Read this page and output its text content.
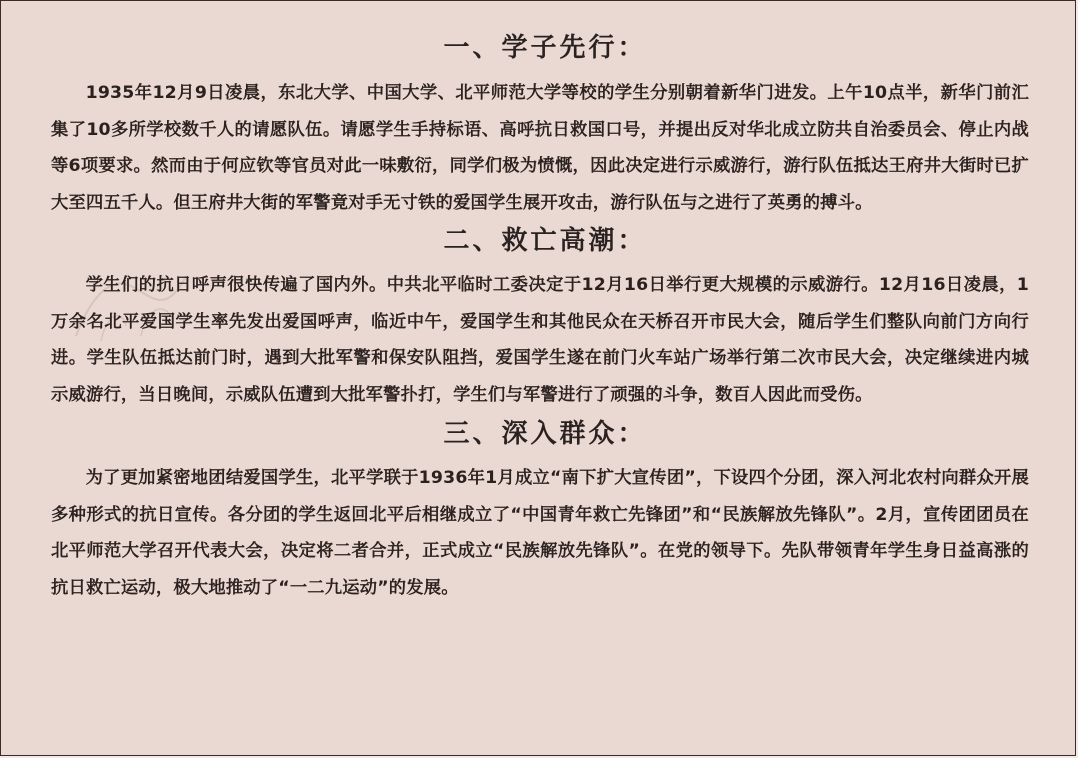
一、学子先行：

1935年12月9日凌晨，东北大学、中国大学、北平师范大学等校的学生分别朝着新华门进发。上午10点半，新华门前汇集了10多所学校数千人的请愿队伍。请愿学生手持标语、高呼抗日救国口号，并提出反对华北成立防共自治委员会、停止内战等6项要求。然而由于何应钦等官员对此一味敷衍，同学们极为愤慨，因此决定进行示威游行，游行队伍抵达王府井大街时已扩大至四五千人。但王府井大街的军警竟对手无寸铁的爱国学生展开攻击，游行队伍与之进行了英勇的搏斗。

二、救亡高潮：

学生们的抗日呼声很快传遍了国内外。中共北平临时工委决定于12月16日举行更大规模的示威游行。12月16日凌晨，1万余名北平爱国学生率先发出爱国呼声，临近中午，爱国学生和其他民众在天桥召开市民大会，随后学生们整队向前门方向行进。学生队伍抵达前门时，遇到大批军警和保安队阻挡，爱国学生遂在前门火车站广场举行第二次市民大会，决定继续进内城示威游行，当日晚间，示威队伍遭到大批军警扑打，学生们与军警进行了顽强的斗争，数百人因此而受伤。

三、深入群众：

为了更加紧密地团结爱国学生，北平学联于1936年1月成立“南下扩大宣传团”，下设四个分团，深入河北农村向群众开展多种形式的抗日宣传。各分团的学生返回北平后相继成立了“中国青年救亡先锋团”和“民族解放先锋队”。2月，宣传团团员在北平师范大学召开代表大会，决定将二者合并，正式成立“民族解放先锋队”。在党的领导下。先队带领青年学生身日益高涨的抗日救亡运动，极大地推动了“一二九运动”的发展。
